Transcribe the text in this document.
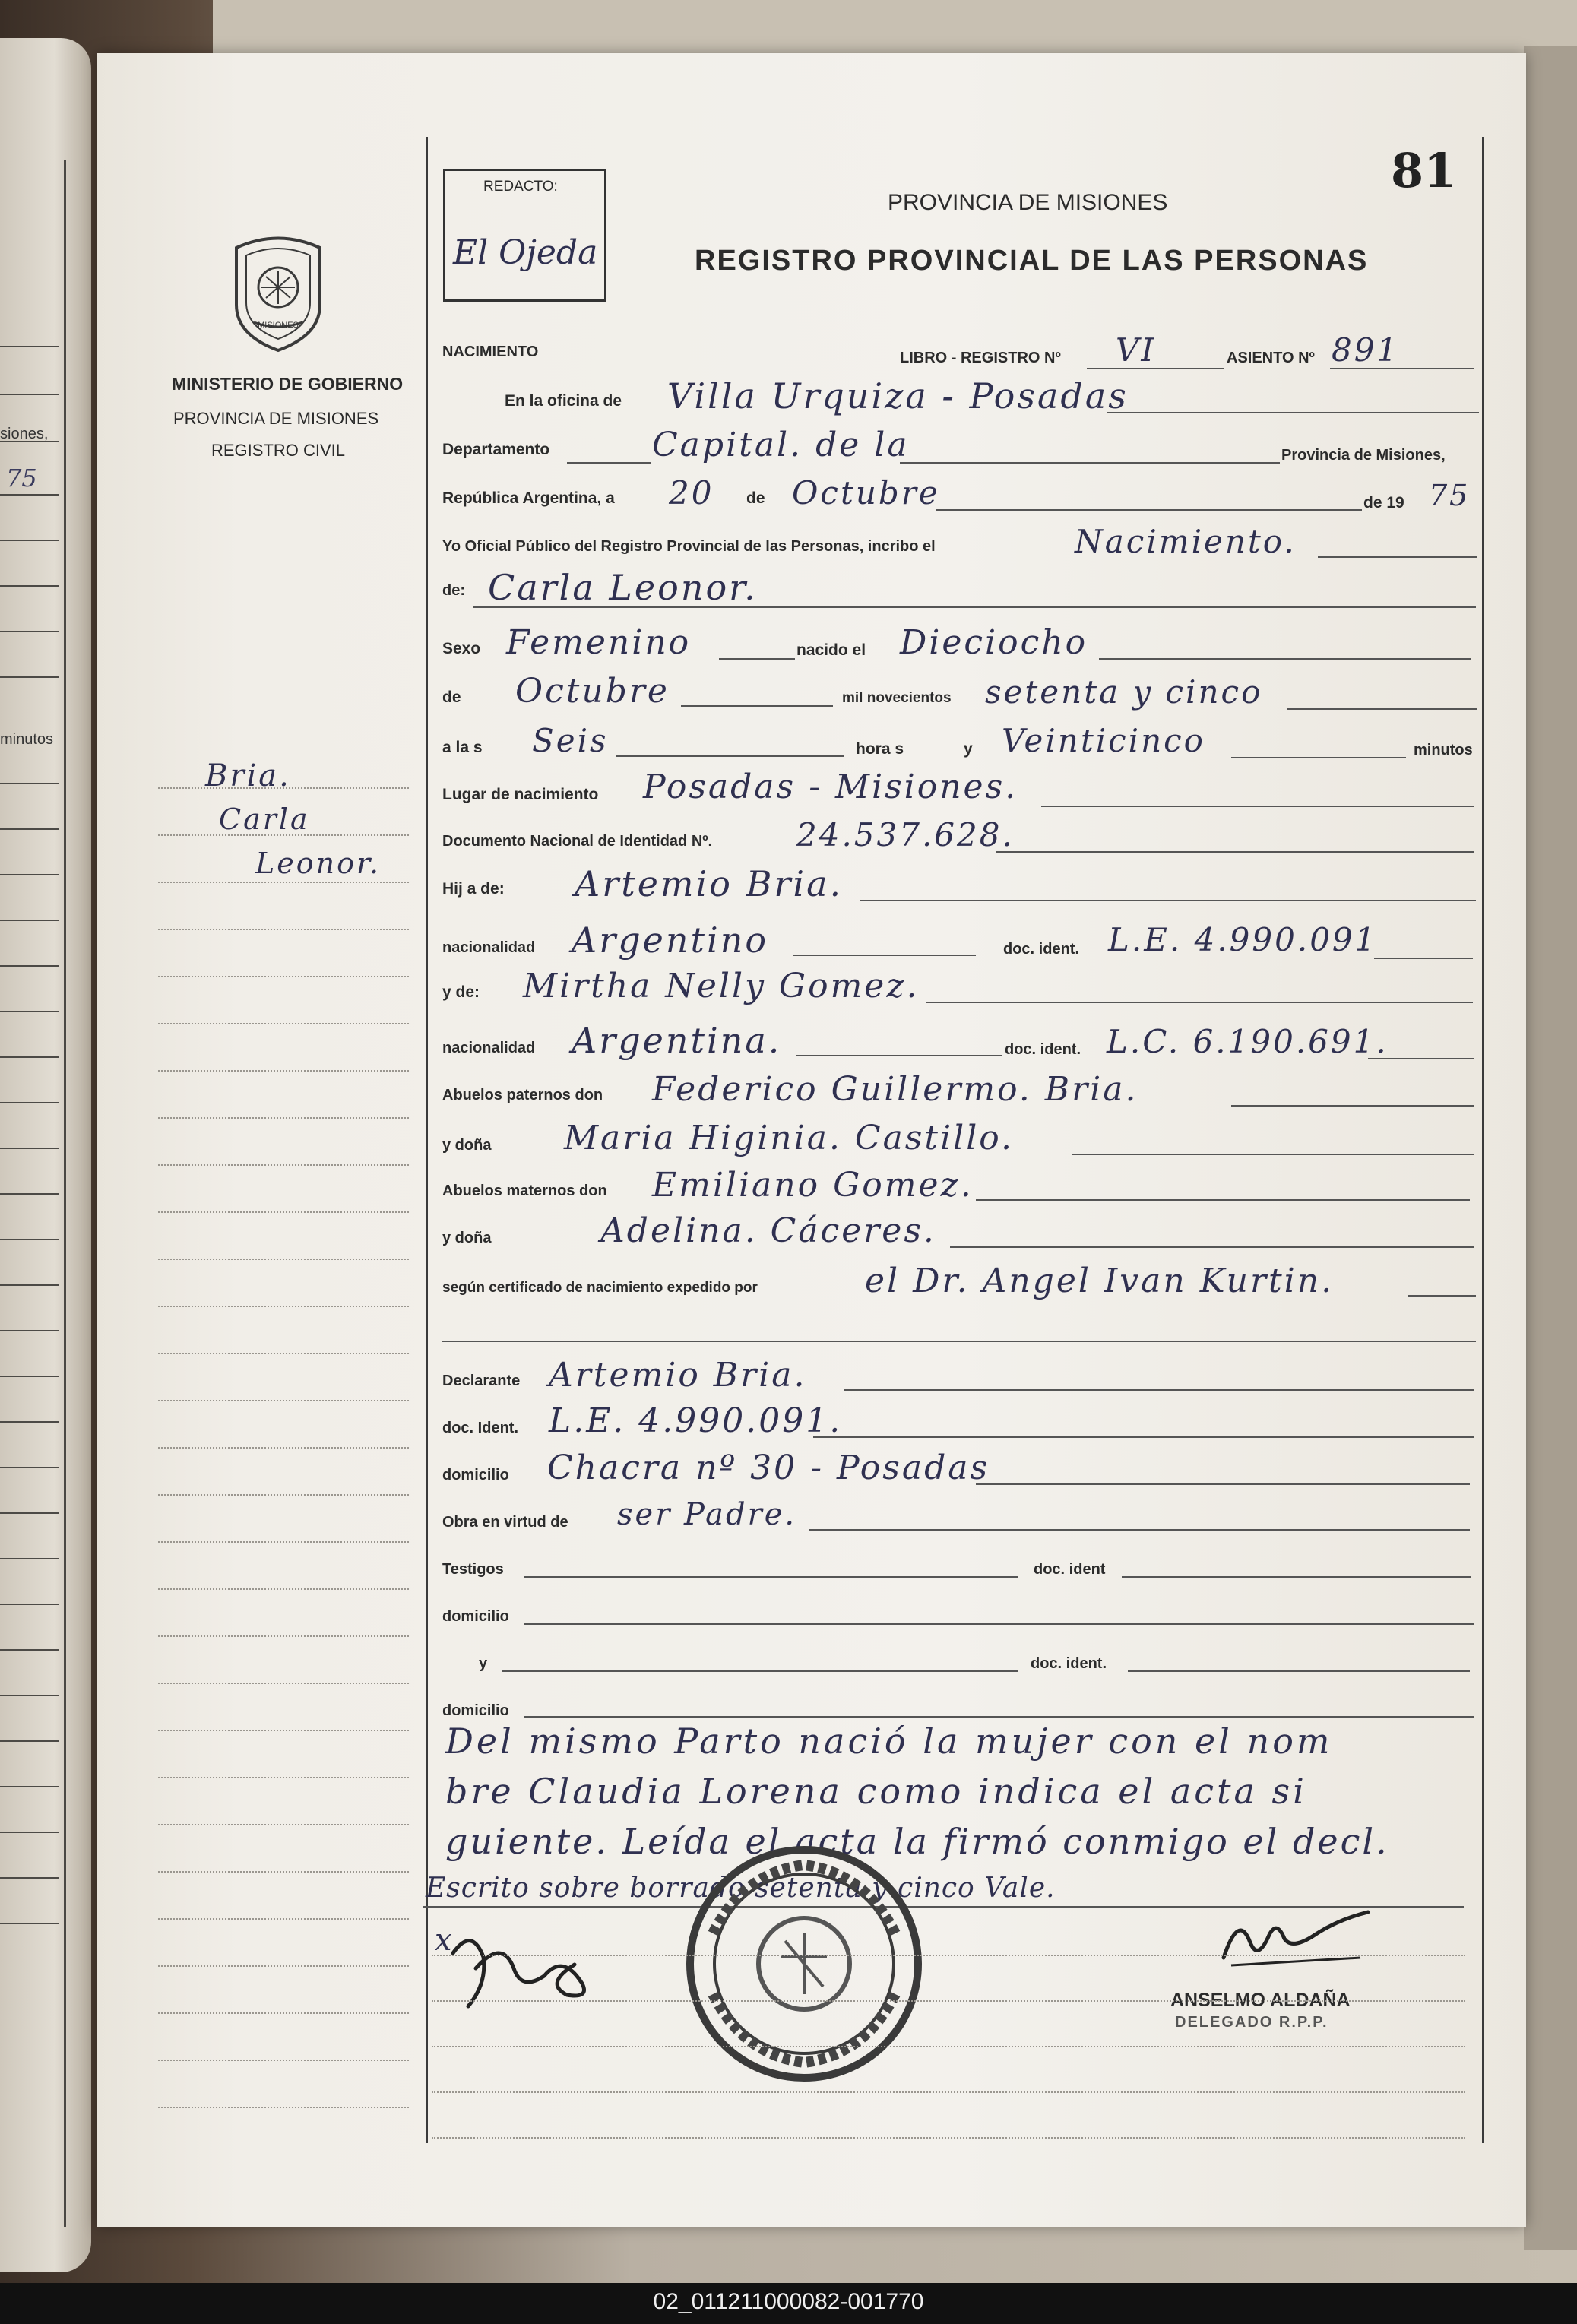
siones,
75
minutos
MISIONES
MINISTERIO DE GOBIERNO
PROVINCIA DE MISIONES
REGISTRO CIVIL
Bria.
Carla
Leonor.
REDACTO:
El Ojeda
81
PROVINCIA DE MISIONES
REGISTRO PROVINCIAL DE LAS PERSONAS
Del mismo Parto nació la mujer con el nom
bre Claudia Lorena como indica el acta si
guiente. Leída el acta la firmó conmigo el decl.
Escrito sobre borrado setenta y cinco Vale.
x
ANSELMO ALDAÑA
DELEGADO R.P.P.
02_011211000082-001770
NACIMIENTO	LIBRO - REGISTRO Nº VI	ASIENTO Nº 891
En la oficina de Villa Urquiza - Posadas
Departamento	Capital. de la	Provincia de Misiones,
República Argentina, a 20 de Octubre	de 19 75
Yo Oficial Público del Registro Provincial de las Personas, incribo el	Nacimiento.
de: Carla Leonor.
Sexo Femenino	nacido el Dieciocho
de Octubre	mil novecientos setenta y cinco
a la s Seis	hora s	y Veinticinco	minutos
Lugar de nacimiento Posadas - Misiones.
Documento Nacional de Identidad Nº.	24.537.628.
Hij a de: Artemio Bria.
nacionalidad Argentino	doc. ident. L.E. 4.990.091
y de: Mirtha Nelly Gomez.
nacionalidad Argentina.	doc. ident. L.C. 6.190.691.
Abuelos paternos don Federico Guillermo. Bria.
y doña Maria Higinia. Castillo.
Abuelos maternos don Emiliano Gomez.
y doña	Adelina. Cáceres.
según certificado de nacimiento expedido por	el Dr. Angel Ivan Kurtin.
Declarante Artemio Bria.
doc. Ident. L.E. 4.990.091.
domicilio Chacra nº 30 - Posadas
Obra en virtud de ser Padre.
Testigos	doc. ident
domicilio
y	doc. ident.
domicilio
